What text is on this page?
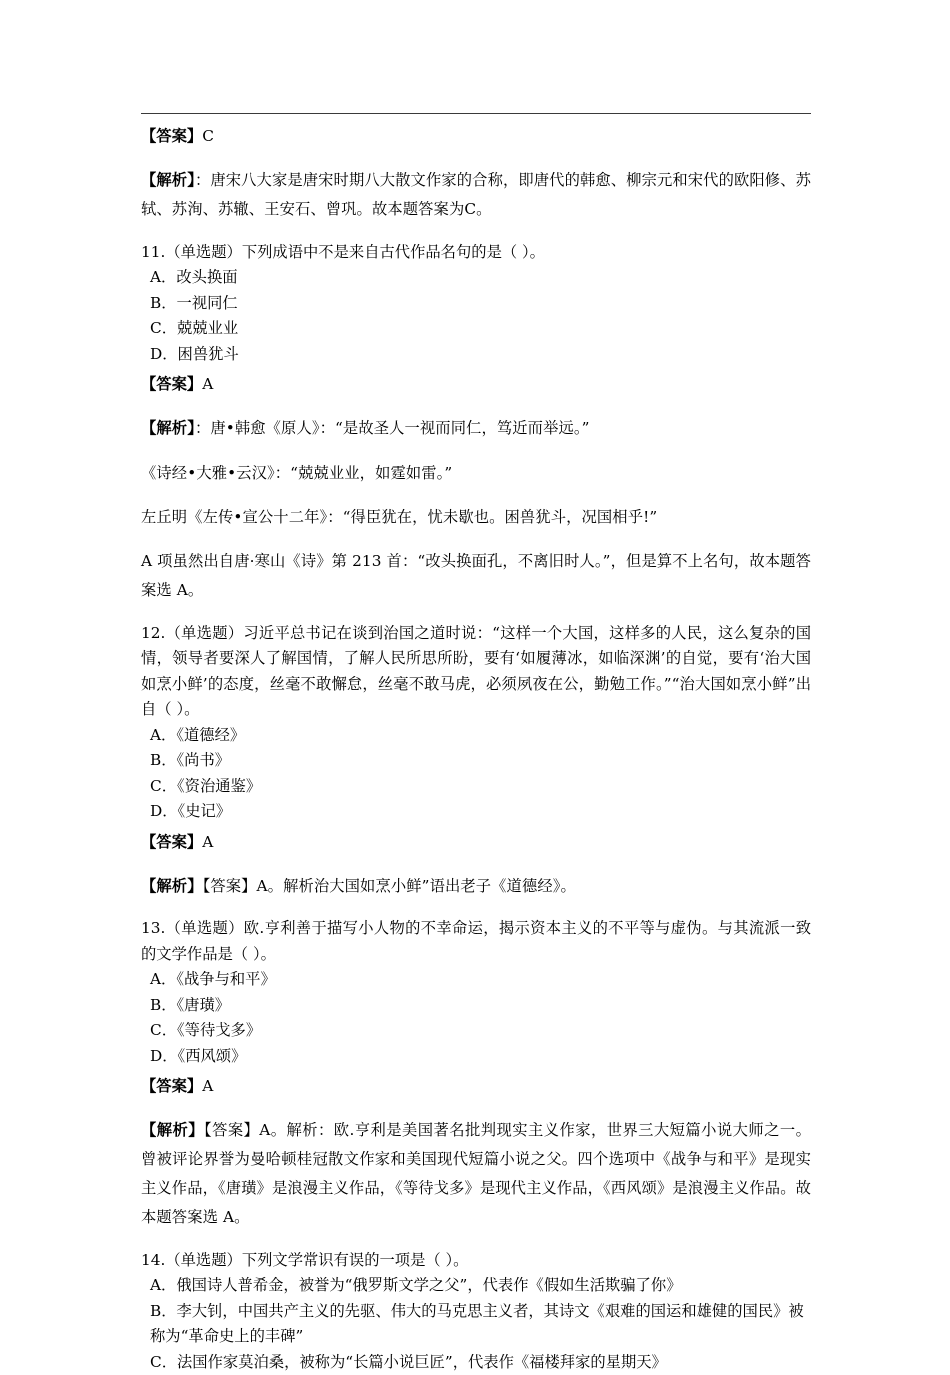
【答案】C

【解析】：唐宋八大家是唐宋时期八大散文作家的合称，即唐代的韩愈、柳宗元和宋代的欧阳修、苏轼、苏洵、苏辙、王安石、曾巩。故本题答案为C。

11.（单选题）下列成语中不是来自古代作品名句的是（ ）。

A．改头换面

B．一视同仁

C．兢兢业业

D．困兽犹斗

【答案】A

【解析】：唐•韩愈《原人》：“是故圣人一视而同仁，笃近而举远。”

《诗经•大雅•云汉》：“兢兢业业，如霆如雷。”

左丘明《左传•宣公十二年》：“得臣犹在，忧未歇也。困兽犹斗，况国相乎!”

A 项虽然出自唐·寒山《诗》第 213 首：“改头换面孔，不离旧时人。”，但是算不上名句，故本题答案选 A。

12.（单选题）习近平总书记在谈到治国之道时说：“这样一个大国，这样多的人民，这么复杂的国情，领导者要深人了解国情，了解人民所思所盼，要有‘如履薄冰，如临深渊’的自觉，要有‘治大国如烹小鲜’的态度，丝毫不敢懈怠，丝毫不敢马虎，必须夙夜在公，勤勉工作。”“治大国如烹小鲜”出自（ ）。

A．《道德经》

B．《尚书》

C．《资治通鉴》

D．《史记》

【答案】A

【解析】【答案】A。解析治大国如烹小鲜”语出老子《道德经》。

13.（单选题）欧.亨利善于描写小人物的不幸命运，揭示资本主义的不平等与虚伪。与其流派一致的文学作品是（ ）。

A．《战争与和平》

B．《唐璜》

C．《等待戈多》

D．《西风颂》

【答案】A

【解析】【答案】A。解析：欧.亨利是美国著名批判现实主义作家，世界三大短篇小说大师之一。曾被评论界誉为曼哈顿桂冠散文作家和美国现代短篇小说之父。四个选项中《战争与和平》是现实主义作品，《唐璜》是浪漫主义作品，《等待戈多》是现代主义作品，《西风颂》是浪漫主义作品。故本题答案选 A。

14.（单选题）下列文学常识有误的一项是（ ）。

A．俄国诗人普希金，被誉为“俄罗斯文学之父”，代表作《假如生活欺骗了你》

B．李大钊，中国共产主义的先驱、伟大的马克思主义者，其诗文《艰难的国运和雄健的国民》被称为“革命史上的丰碑”

C．法国作家莫泊桑，被称为“长篇小说巨匠”，代表作《福楼拜家的星期天》
